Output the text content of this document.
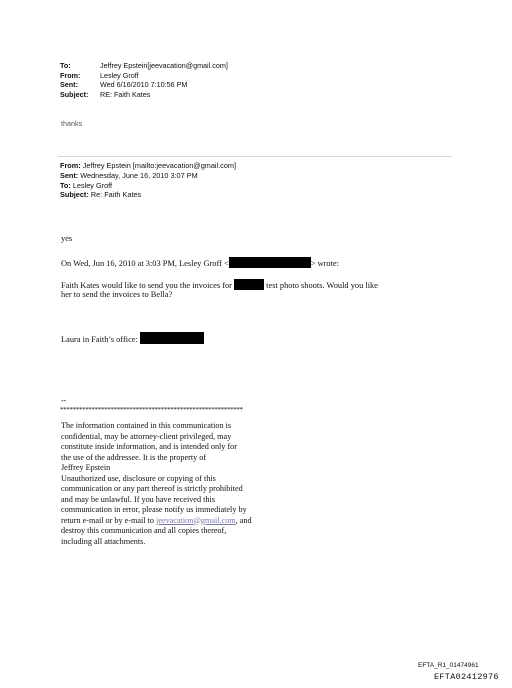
To:	Jeffrey Epstein[jeevacation@gmail.com]
From:	Lesley Groff
Sent:	Wed 6/16/2010 7:10:56 PM
Subject:	RE: Faith Kates
thanks
From: Jeffrey Epstein [mailto:jeevacation@gmail.com]
Sent: Wednesday, June 16, 2010 3:07 PM
To: Lesley Groff
Subject: Re: Faith Kates
yes
On Wed, Jun 16, 2010 at 3:03 PM, Lesley Groff <	> wrote:
Faith Kates would like to send you the invoices for	test photo shoots. Would you like
her to send the invoices to Bella?
Laura in Faith’s office:
--
**********************************************************
The information contained in this communication is
confidential, may be attorney-client privileged, may
constitute inside information, and is intended only for
the use of the addressee. It is the property of
Jeffrey Epstein
Unauthorized use, disclosure or copying of this
communication or any part thereof is strictly prohibited
and may be unlawful. If you have received this
communication in error, please notify us immediately by
return e-mail or by e-mail to jeevacation@gmail.com, and
destroy this communication and all copies thereof,
including all attachments.
EFTA_R1_01474961
EFTA02412976
